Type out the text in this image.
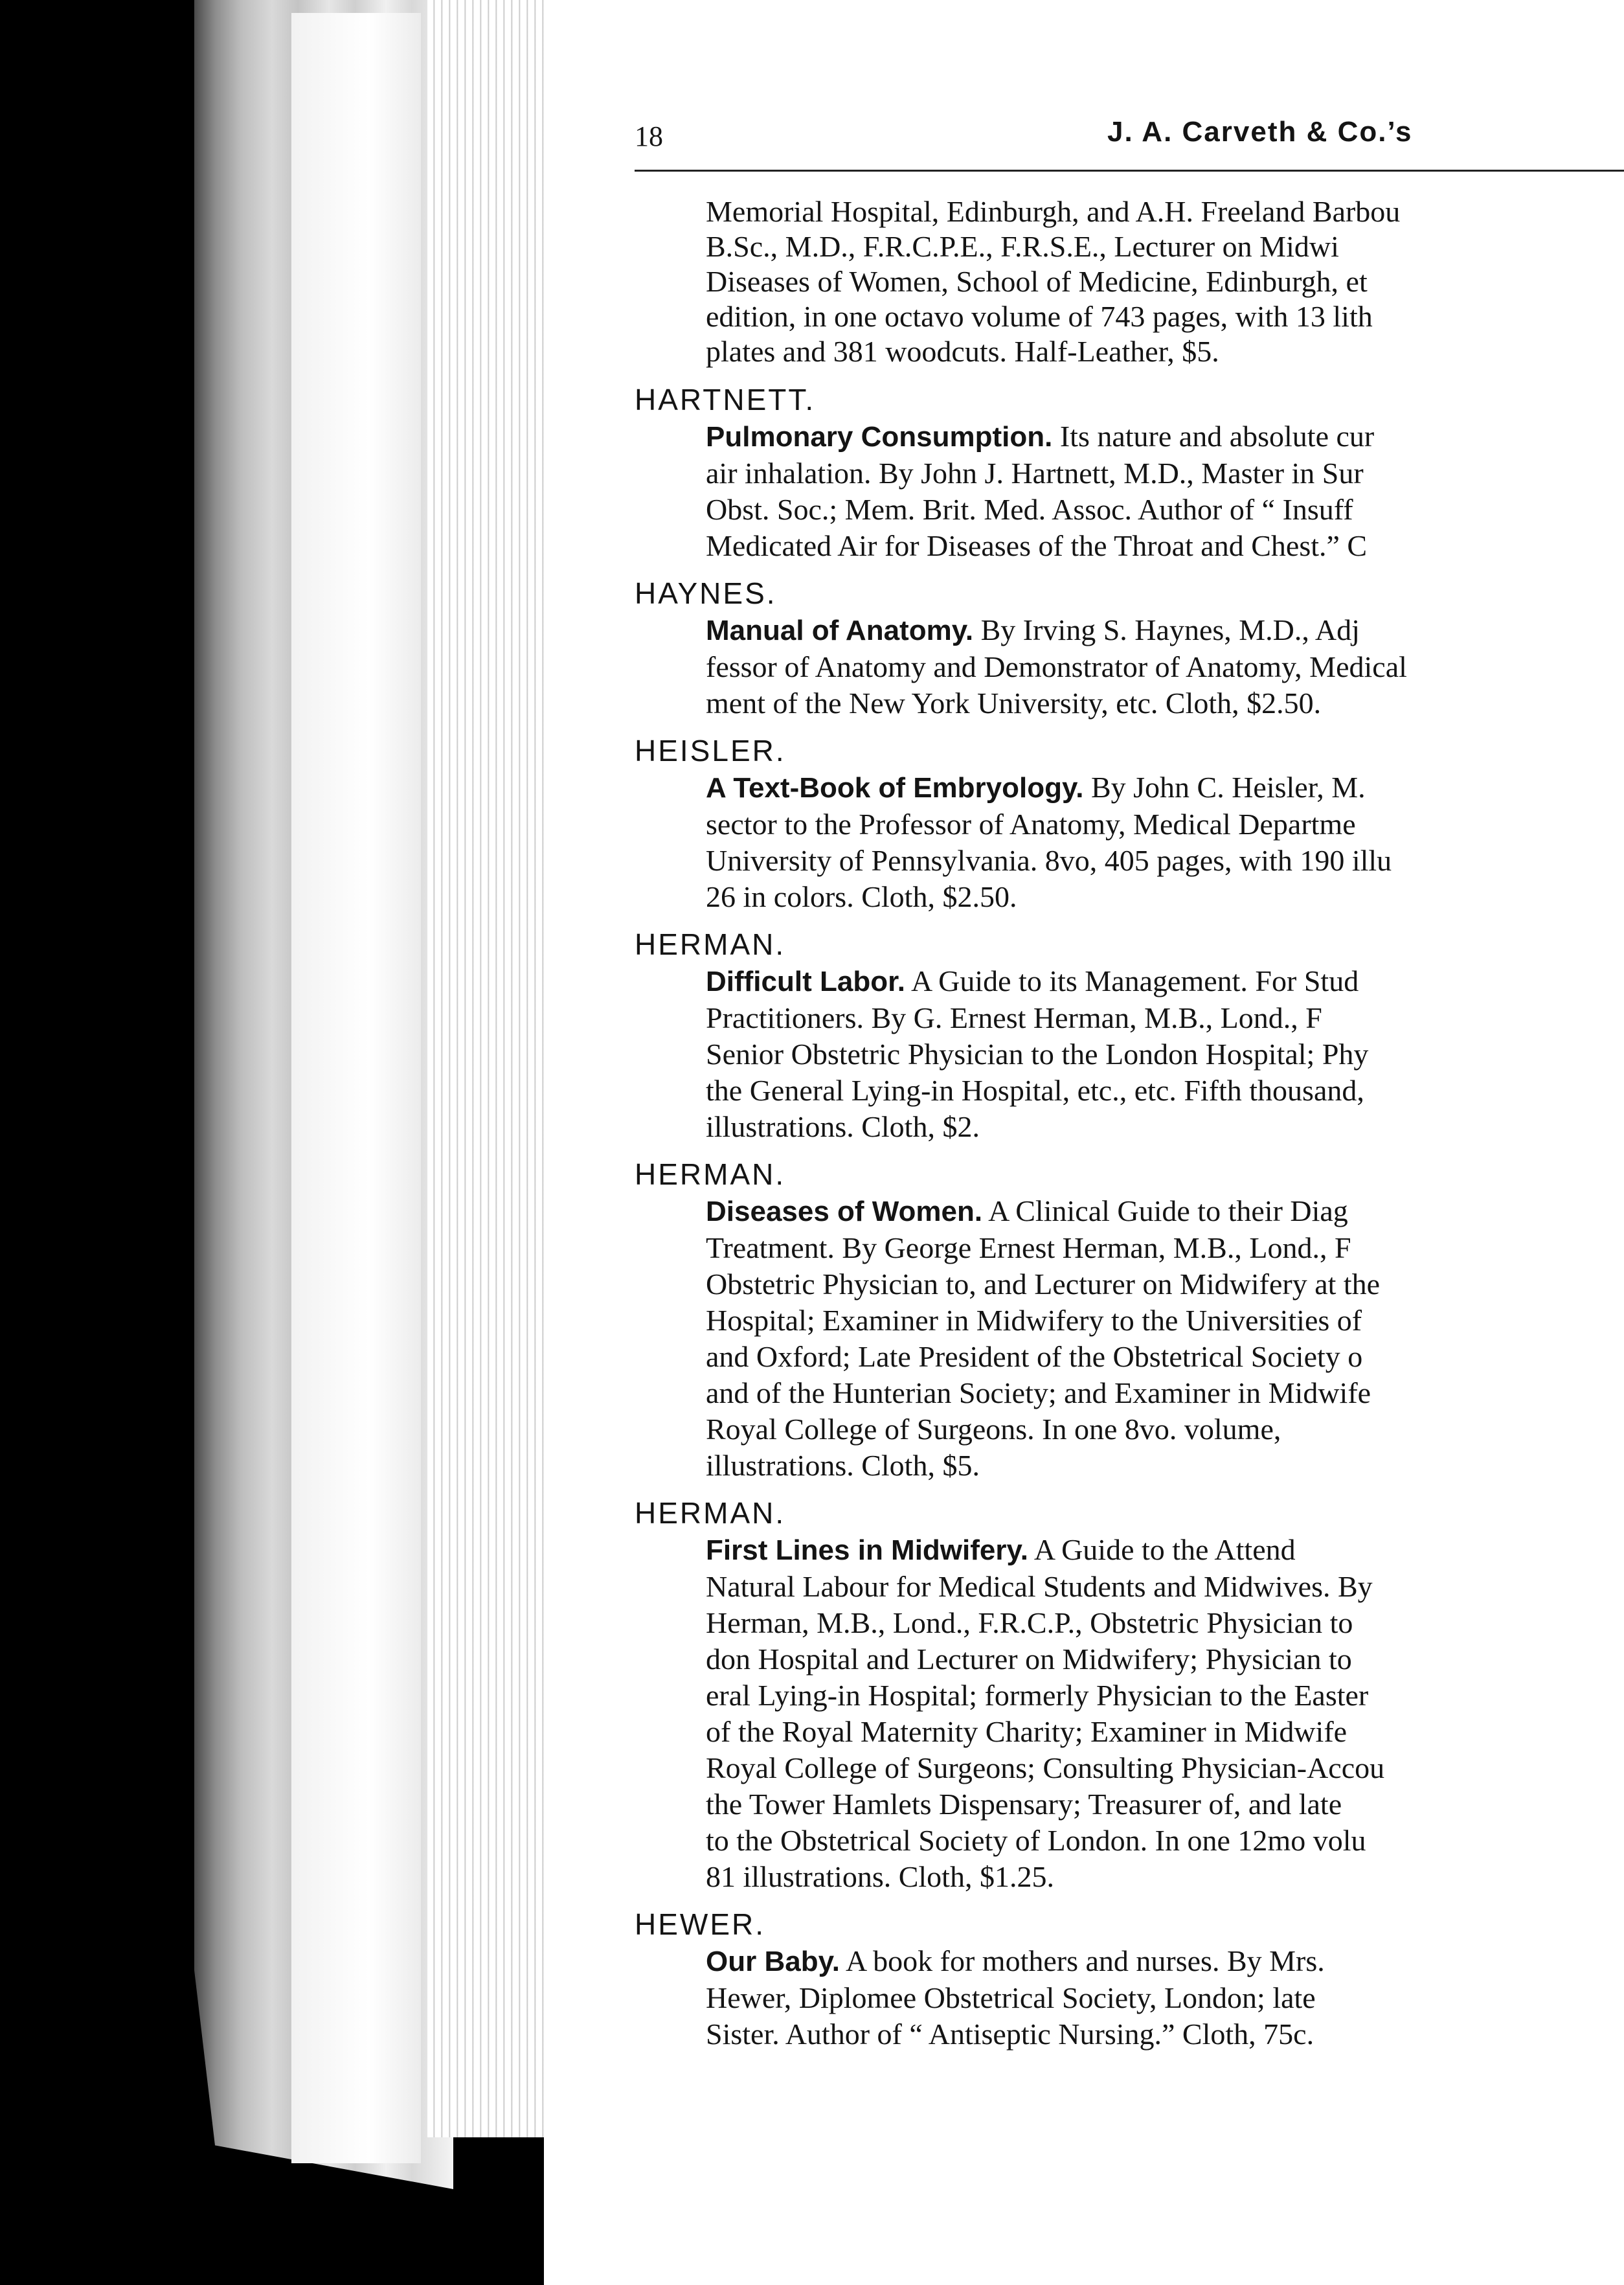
18	J. A. Carveth & Co.’s
Memorial Hospital, Edinburgh, and A.H. Freeland Barbou
B.Sc., M.D., F.R.C.P.E., F.R.S.E., Lecturer on Midwi
Diseases of Women, School of Medicine, Edinburgh, et
edition, in one octavo volume of 743 pages, with 13 lith
plates and 381 woodcuts. Half-Leather, $5.
HARTNETT.
Pulmonary Consumption. Its nature and absolute cur
air inhalation. By John J. Hartnett, M.D., Master in Sur
Obst. Soc.; Mem. Brit. Med. Assoc. Author of “ Insuff
Medicated Air for Diseases of the Throat and Chest.” C
HAYNES.
Manual of Anatomy. By Irving S. Haynes, M.D., Adj
fessor of Anatomy and Demonstrator of Anatomy, Medical
ment of the New York University, etc. Cloth, $2.50.
HEISLER.
A Text-Book of Embryology. By John C. Heisler, M.
sector to the Professor of Anatomy, Medical Departme
University of Pennsylvania. 8vo, 405 pages, with 190 illu
26 in colors. Cloth, $2.50.
HERMAN.
Difficult Labor. A Guide to its Management. For Stud
Practitioners. By G. Ernest Herman, M.B., Lond., F
Senior Obstetric Physician to the London Hospital; Phy
the General Lying-in Hospital, etc., etc. Fifth thousand,
illustrations. Cloth, $2.
HERMAN.
Diseases of Women. A Clinical Guide to their Diag
Treatment. By George Ernest Herman, M.B., Lond., F
Obstetric Physician to, and Lecturer on Midwifery at the
Hospital; Examiner in Midwifery to the Universities of
and Oxford; Late President of the Obstetrical Society o
and of the Hunterian Society; and Examiner in Midwife
Royal College of Surgeons. In one 8vo. volume,
illustrations. Cloth, $5.
HERMAN.
First Lines in Midwifery. A Guide to the Attend
Natural Labour for Medical Students and Midwives. By
Herman, M.B., Lond., F.R.C.P., Obstetric Physician to
don Hospital and Lecturer on Midwifery; Physician to
eral Lying-in Hospital; formerly Physician to the Easter
of the Royal Maternity Charity; Examiner in Midwife
Royal College of Surgeons; Consulting Physician-Accou
the Tower Hamlets Dispensary; Treasurer of, and late
to the Obstetrical Society of London. In one 12mo volu
81 illustrations. Cloth, $1.25.
HEWER.
Our Baby. A book for mothers and nurses. By Mrs.
Hewer, Diplomee Obstetrical Society, London; late
Sister. Author of “ Antiseptic Nursing.” Cloth, 75c.
